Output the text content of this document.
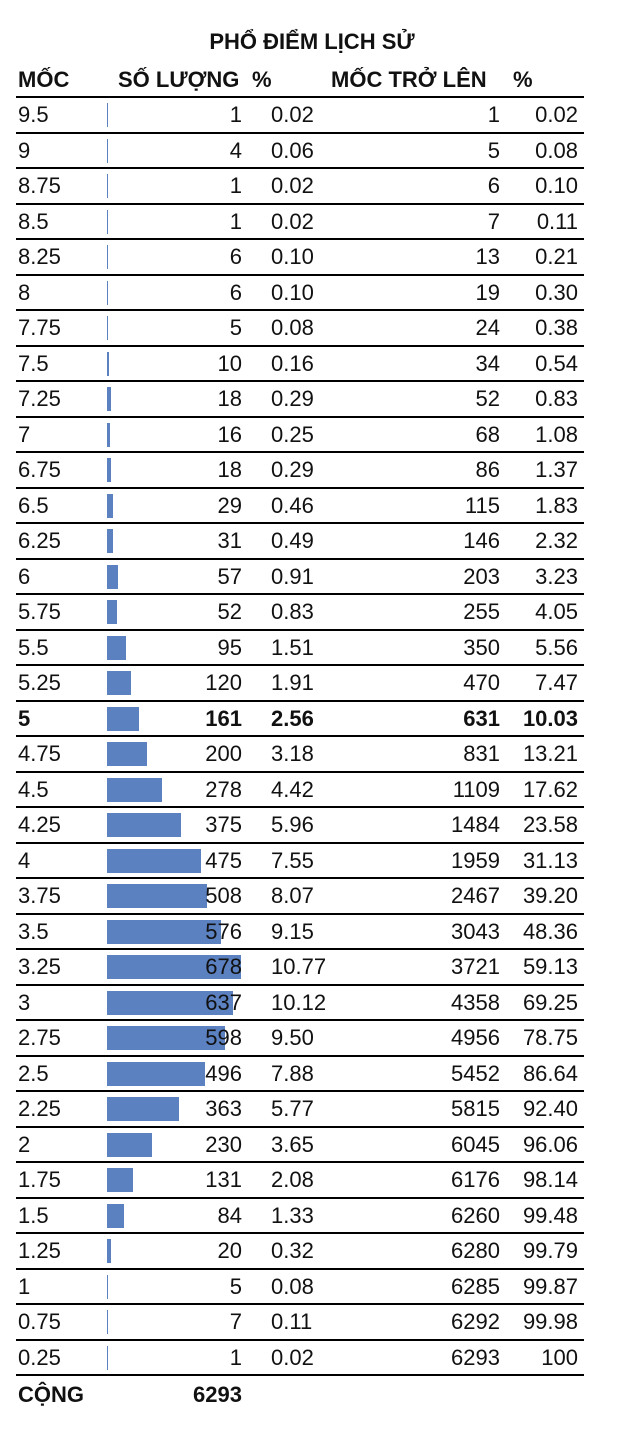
PHỔ ĐIỂM LỊCH SỬ
MỐC SỐ LƯỢNG %	MỐC TRỞ LÊN %
9.5	1 0.02	1 0.02
9	4 0.06	5 0.08
8.75	1 0.02	6 0.10
8.5	1 0.02	7 0.11
8.25	6 0.10	13 0.21
8	6 0.10	19 0.30
7.75	5 0.08	24 0.38
7.5	10 0.16	34 0.54
7.25	18 0.29	52 0.83
7	16 0.25	68 1.08
6.75	18 0.29	86 1.37
6.5	29 0.46	115 1.83
6.25	31 0.49	146 2.32
6	57 0.91	203 3.23
5.75	52 0.83	255 4.05
5.5	95 1.51	350 5.56
5.25	120 1.91	470 7.47
5	161 2.56	631 10.03
4.75	200 3.18	831 13.21
4.5	278 4.42	1109 17.62
4.25	375 5.96	1484 23.58
4	475 7.55	1959 31.13
3.75	508 8.07	2467 39.20
3.5	576 9.15	3043 48.36
3.25	678 10.77	3721 59.13
3	637 10.12	4358 69.25
2.75	598 9.50	4956 78.75
2.5	496 7.88	5452 86.64
2.25	363 5.77	5815 92.40
2	230 3.65	6045 96.06
1.75	131 2.08	6176 98.14
1.5	84 1.33	6260 99.48
1.25	20 0.32	6280 99.79
1	5 0.08	6285 99.87
0.75	7 0.11	6292 99.98
0.25	1 0.02	6293 100
CỘNG	6293
